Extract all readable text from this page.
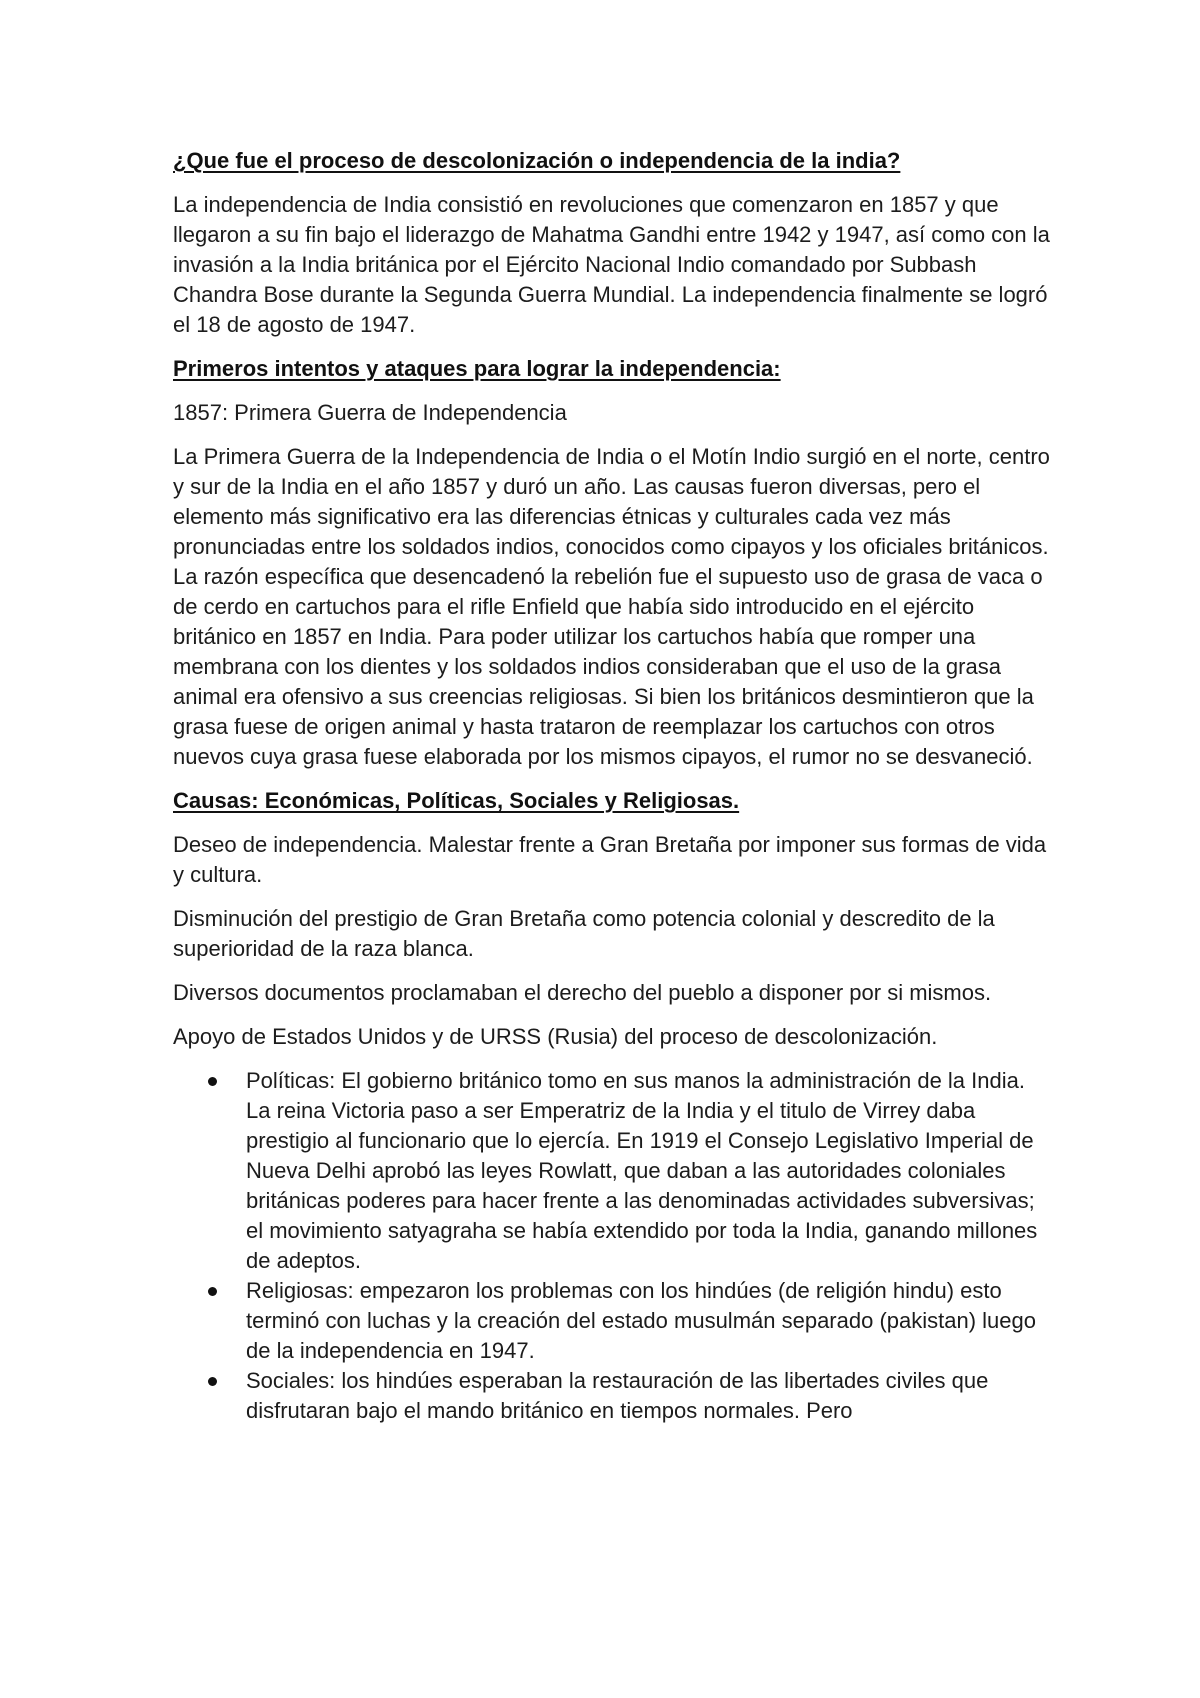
¿Que fue el proceso de descolonización o independencia de la india?

La independencia de India consistió en revoluciones que comenzaron en 1857 y que llegaron a su fin bajo el liderazgo de Mahatma Gandhi entre 1942 y 1947, así como con la invasión a la India británica por el Ejército Nacional Indio comandado por Subbash Chandra Bose durante la Segunda Guerra Mundial. La independencia finalmente se logró el 18 de agosto de 1947.

Primeros intentos y ataques para lograr la independencia:

1857: Primera Guerra de Independencia

La Primera Guerra de la Independencia de India o el Motín Indio surgió en el norte, centro y sur de la India en el año 1857 y duró un año. Las causas fueron diversas, pero el elemento más significativo era las diferencias étnicas y culturales cada vez más pronunciadas entre los soldados indios, conocidos como cipayos y los oficiales británicos. La razón específica que desencadenó la rebelión fue el supuesto uso de grasa de vaca o de cerdo en cartuchos para el rifle Enfield que había sido introducido en el ejército británico en 1857 en India. Para poder utilizar los cartuchos había que romper una membrana con los dientes y los soldados indios consideraban que el uso de la grasa animal era ofensivo a sus creencias religiosas. Si bien los británicos desmintieron que la grasa fuese de origen animal y hasta trataron de reemplazar los cartuchos con otros nuevos cuya grasa fuese elaborada por los mismos cipayos, el rumor no se desvaneció.

Causas: Económicas, Políticas, Sociales y Religiosas.

Deseo de independencia. Malestar frente a Gran Bretaña por imponer sus formas de vida y cultura.

Disminución del prestigio de Gran Bretaña como potencia colonial y descredito de la superioridad de la raza blanca.

Diversos documentos proclamaban el derecho del pueblo a disponer por si mismos.

Apoyo de Estados Unidos y de URSS (Rusia) del proceso de descolonización.

Políticas: El gobierno británico tomo en sus manos la administración de la India. La reina Victoria paso a ser Emperatriz de la India y el titulo de Virrey daba prestigio al funcionario que lo ejercía. En 1919 el Consejo Legislativo Imperial de Nueva Delhi aprobó las leyes Rowlatt, que daban a las autoridades coloniales británicas poderes para hacer frente a las denominadas actividades subversivas; el movimiento satyagraha se había extendido por toda la India, ganando millones de adeptos.
Religiosas: empezaron los problemas con los hindúes (de religión hindu) esto terminó con luchas y la creación del estado musulmán separado (pakistan) luego de la independencia en 1947.
Sociales: los hindúes esperaban la restauración de las libertades civiles que disfrutaran bajo el mando británico en tiempos normales. Pero
